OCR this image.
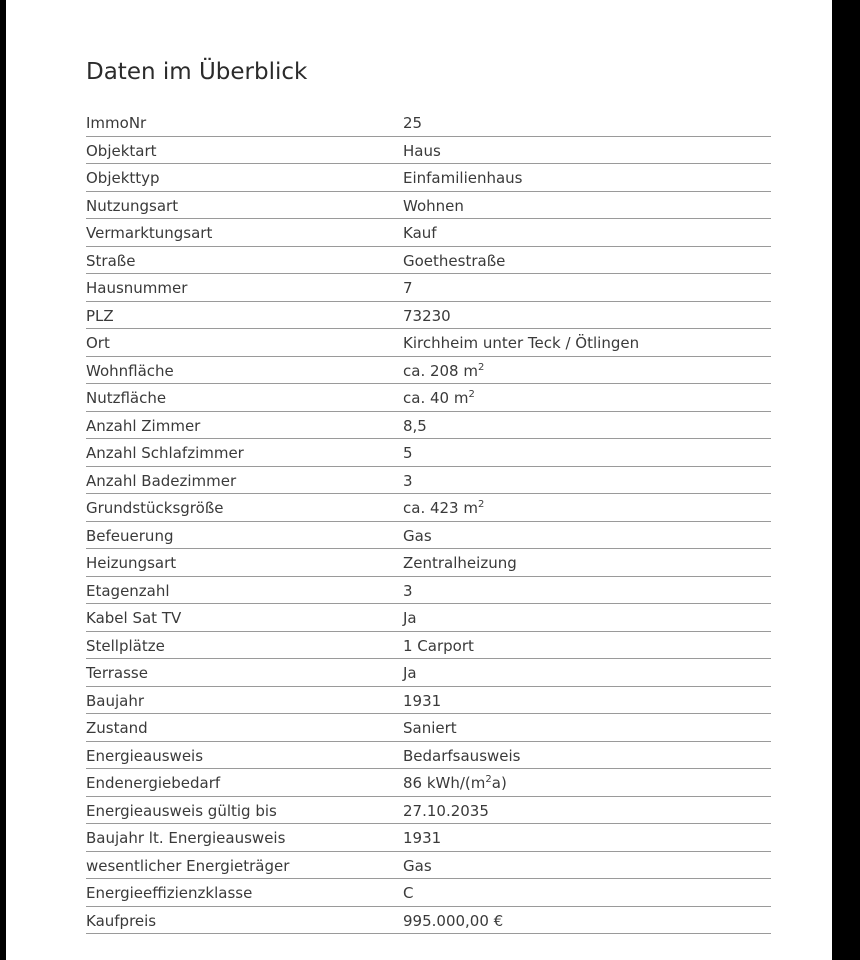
Daten im Überblick
ImmoNr	25
Objektart	Haus
Objekttyp	Einfamilienhaus
Nutzungsart	Wohnen
Vermarktungsart	Kauf
Straße	Goethestraße
Hausnummer	7
PLZ	73230
Ort	Kirchheim unter Teck / Ötlingen
Wohnfläche	ca. 208 $m^2$
Nutzfläche	ca. 40 $m^2$
Anzahl Zimmer	8,5
Anzahl Schlafzimmer	5
Anzahl Badezimmer	3
Grundstücksgröße	ca. 423 $m^2$
Befeuerung	Gas
Heizungsart	Zentralheizung
Etagenzahl	3
Kabel Sat TV	Ja
Stellplätze	1 Carport
Terrasse	Ja
Baujahr	1931
Zustand	Saniert
Energieausweis	Bedarfsausweis
Endenergiebedarf	86 kWh/$(m^2a)$
Energieausweis gültig bis	27.10.2035
Baujahr lt. Energieausweis	1931
wesentlicher Energieträger	Gas
Energieeffizienzklasse	C
Kaufpreis	995.000,00 €
